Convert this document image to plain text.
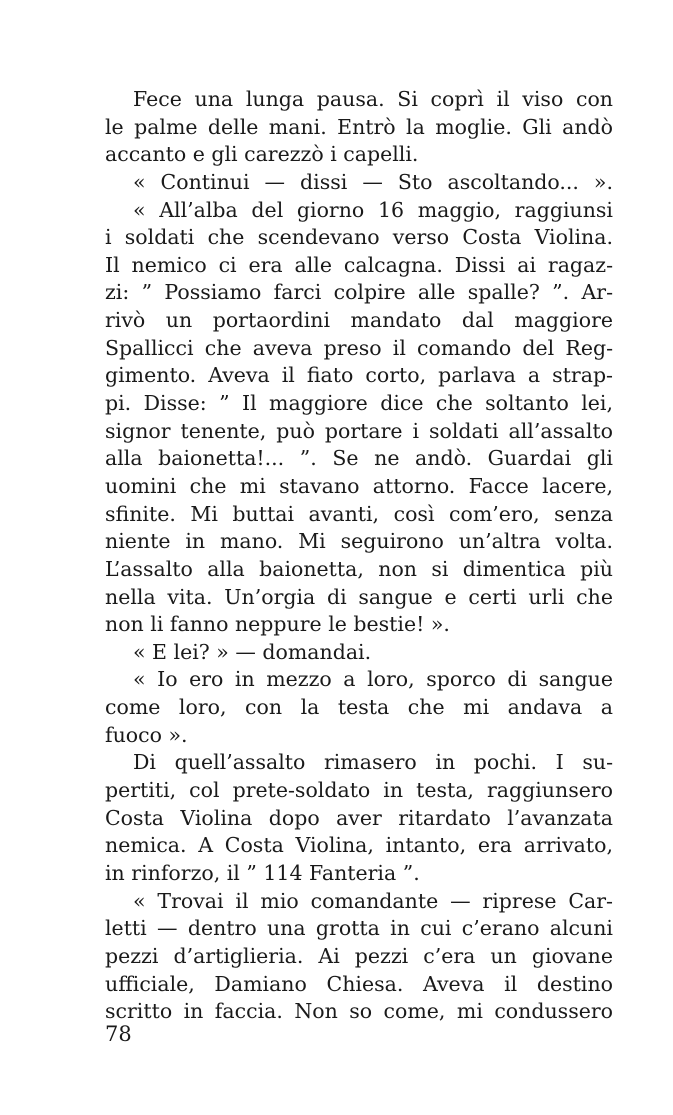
Fece una lunga pausa. Si coprì il viso con
le palme delle mani. Entrò la moglie. Gli andò
accanto e gli carezzò i capelli.
« Continui — dissi — Sto ascoltando... ».
« All’alba del giorno 16 maggio, raggiunsi
i soldati che scendevano verso Costa Violina.
Il nemico ci era alle calcagna. Dissi ai ragaz-
zi: ” Possiamo farci colpire alle spalle? ”. Ar-
rivò un portaordini mandato dal maggiore
Spallicci che aveva preso il comando del Reg-
gimento. Aveva il fiato corto, parlava a strap-
pi. Disse: ” Il maggiore dice che soltanto lei,
signor tenente, può portare i soldati all’assalto
alla baionetta!... ”. Se ne andò. Guardai gli
uomini che mi stavano attorno. Facce lacere,
sfinite. Mi buttai avanti, così com’ero, senza
niente in mano. Mi seguirono un’altra volta.
L’assalto alla baionetta, non si dimentica più
nella vita. Un’orgia di sangue e certi urli che
non li fanno neppure le bestie! ».
« E lei? » — domandai.
« Io ero in mezzo a loro, sporco di sangue
come loro, con la testa che mi andava a
fuoco ».
Di quell’assalto rimasero in pochi. I su-
pertiti, col prete-soldato in testa, raggiunsero
Costa Violina dopo aver ritardato l’avanzata
nemica. A Costa Violina, intanto, era arrivato,
in rinforzo, il ” 114 Fanteria ”.
« Trovai il mio comandante — riprese Car-
letti — dentro una grotta in cui c’erano alcuni
pezzi d’artiglieria. Ai pezzi c’era un giovane
ufficiale, Damiano Chiesa. Aveva il destino
scritto in faccia. Non so come, mi condussero
78
